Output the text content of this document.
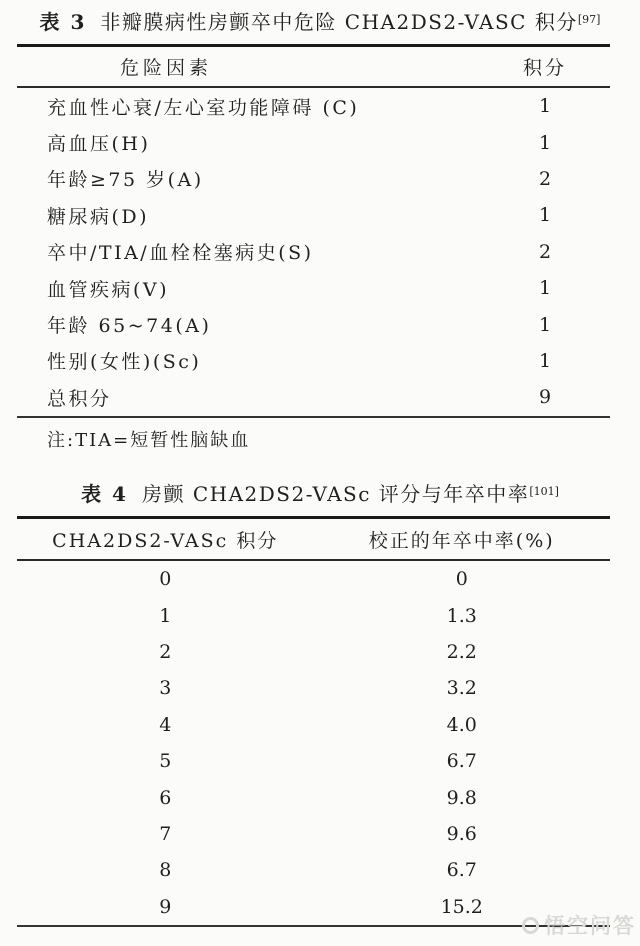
表 3 非瓣膜病性房颤卒中危险 CHA2DS2-VASC 积分[97]
危险因素	积分
充血性心衰/左心室功能障碍 (C)	1
高血压(H)	1
年龄≥75 岁(A)	2
糖尿病(D)	1
卒中/TIA/血栓栓塞病史(S)	2
血管疾病(V)	1
年龄 65~74(A)	1
性别(女性)(Sc)	1
总积分	9
注:TIA=短暂性脑缺血
表 4 房颤 CHA2DS2-VASc 评分与年卒中率[101]
CHA2DS2-VASc 积分	校正的年卒中率(%)
0	0
1	1.3
2	2.2
3	3.2
4	4.0
5	6.7
6	9.8
7	9.6
8	6.7
9	15.2
悟空问答
